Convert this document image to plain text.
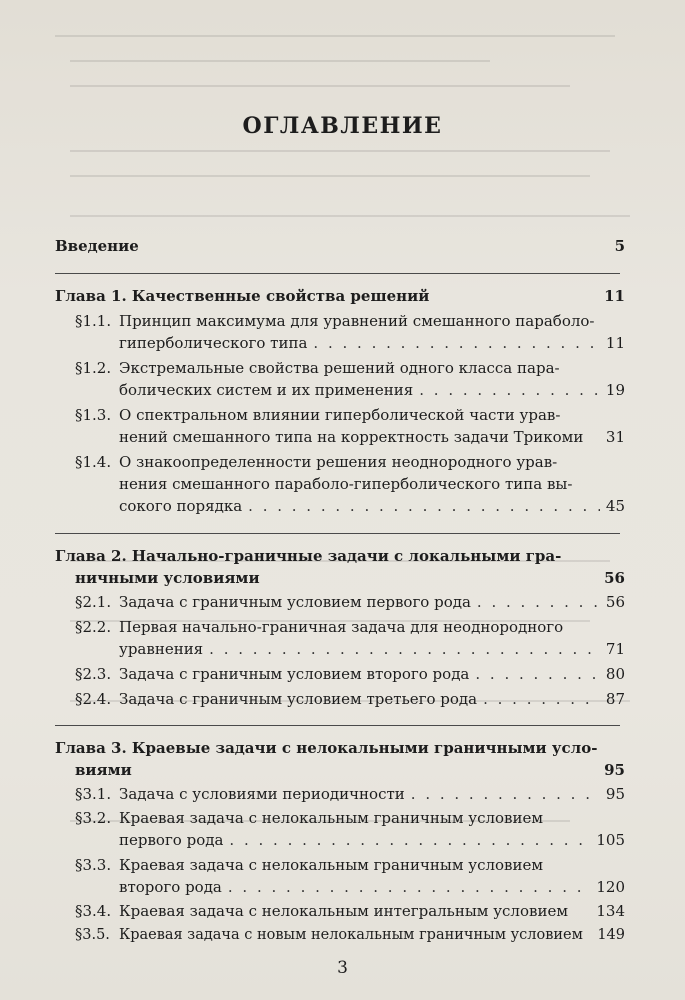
ОГЛАВЛЕНИЕ
Введение	5
Глава 1. Качественные свойства решений	11
§1.1. Принцип максимума для уравнений смешанного параболо-
гиперболического типа . . .	11
§1.2. Экстремальные свойства решений одного класса пара-
болических систем и их применения . . .	19
§1.3. О спектральном влиянии гиперболической части урав-
нений смешанного типа на корректность задачи Трикоми 31
§1.4. О знакоопределенности решения неоднородного урав-
нения смешанного параболо-гиперболического типа вы-
сокого порядка . . .	45
Глава 2. Начально-граничные задачи с локальными гра-
ничными условиями	56
§2.1. Задача с граничным условием первого рода . . .	56
§2.2. Первая начально-граничная задача для неоднородного
уравнения . . .	71
§2.3. Задача с граничным условием второго рода . . .	80
§2.4. Задача с граничным условием третьего рода . . .	87
Глава 3. Краевые задачи с нелокальными граничными усло-
виями	95
§3.1. Задача с условиями периодичности . . .	95
§3.2. Краевая задача с нелокальным граничным условием
первого рода . . .	105
§3.3. Краевая задача с нелокальным граничным условием
второго рода . . .	120
§3.4. Краевая задача с нелокальным интегральным условием 134
§3.5. Краевая задача с новым нелокальным граничным условием 149
3
